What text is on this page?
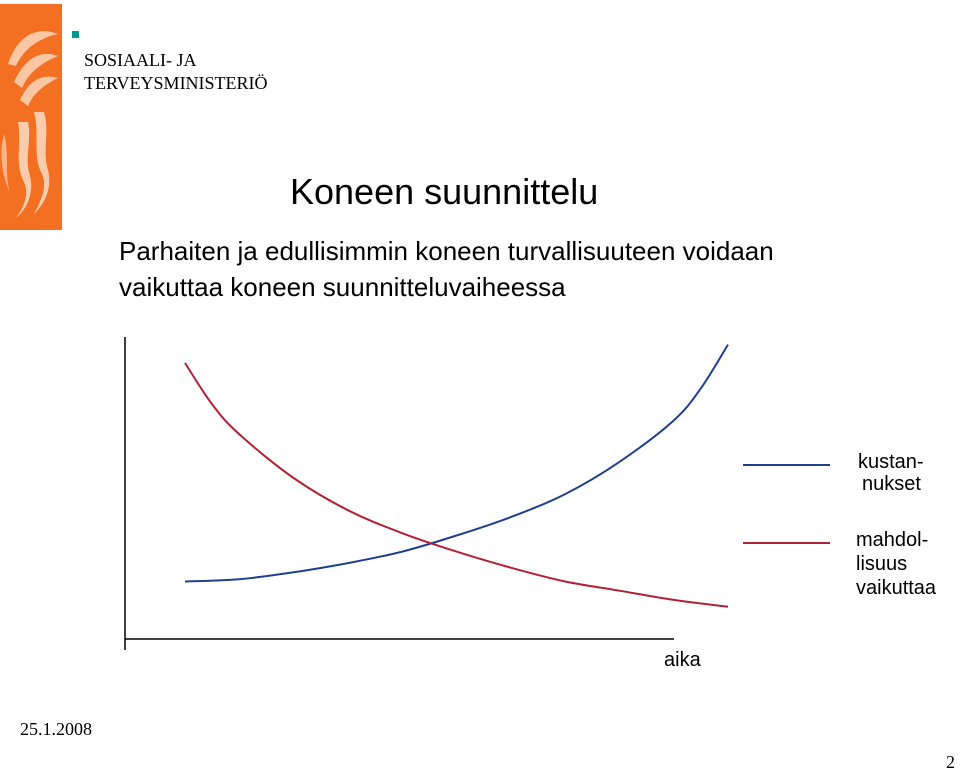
SOSIAALI- JA
TERVEYSMINISTERIÖ
Koneen suunnittelu
Parhaiten ja edullisimmin koneen turvallisuuteen voidaan
vaikuttaa koneen suunnitteluvaiheessa
kustan-
nukset
mahdol-
lisuus
vaikuttaa
aika
25.1.2008
2
